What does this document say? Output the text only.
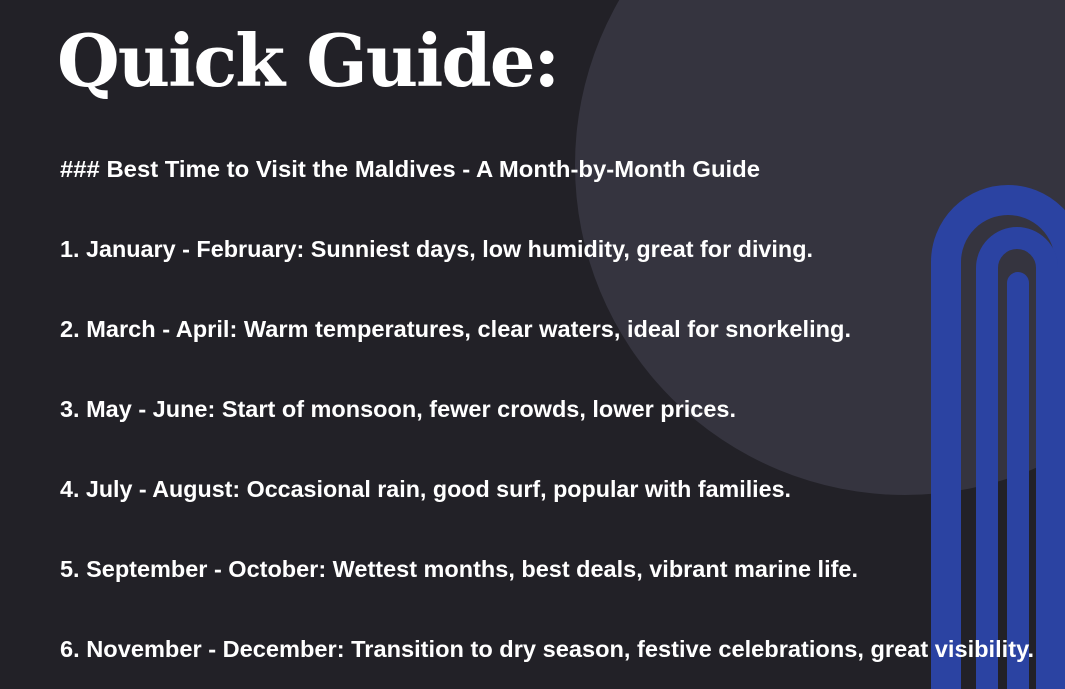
Quick Guide:

### Best Time to Visit the Maldives - A Month-by-Month Guide

1. January - February: Sunniest days, low humidity, great for diving.

2. March - April: Warm temperatures, clear waters, ideal for snorkeling.

3. May - June: Start of monsoon, fewer crowds, lower prices.

4. July - August: Occasional rain, good surf, popular with families.

5. September - October: Wettest months, best deals, vibrant marine life.

6. November - December: Transition to dry season, festive celebrations, great visibility.
